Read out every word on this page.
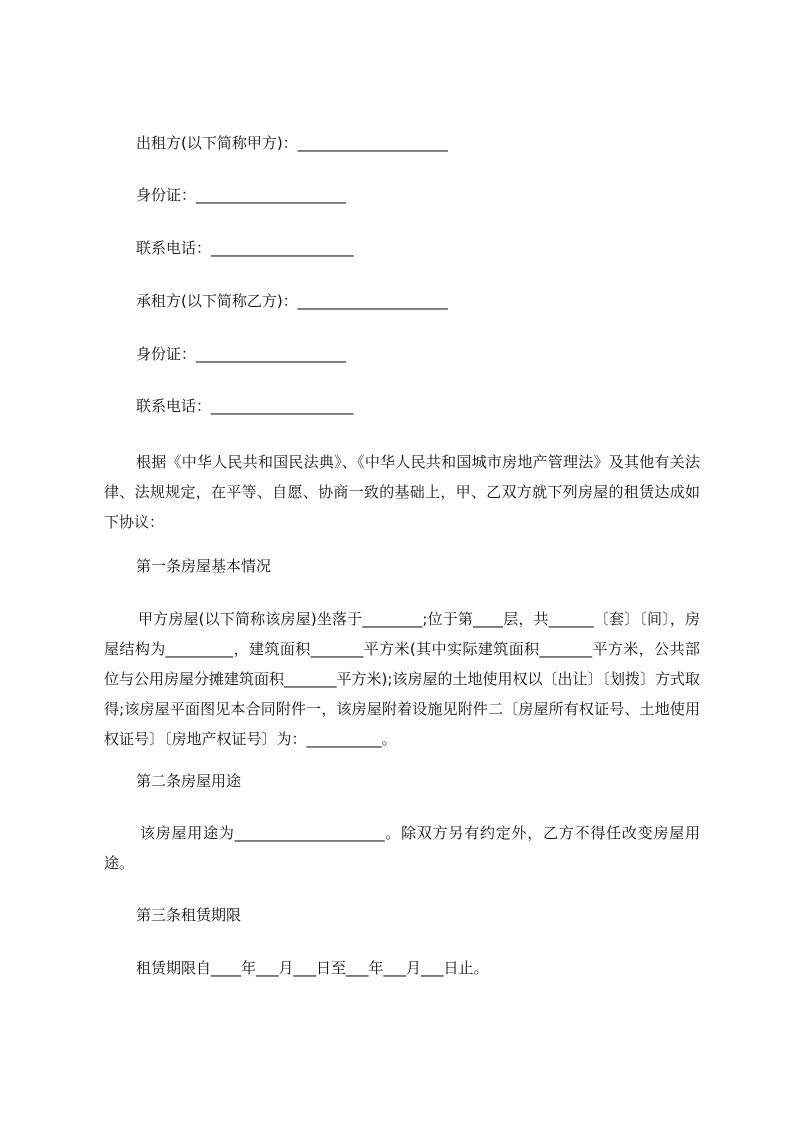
出租方(以下简称甲方)：____________________
身份证：____________________
联系电话：___________________
承租方(以下简称乙方)：____________________
身份证：____________________
联系电话：___________________
根据《中华人民共和国民法典》、《中华人民共和国城市房地产管理法》及其他有关法律、法规规定，在平等、自愿、协商一致的基础上，甲、乙双方就下列房屋的租赁达成如下协议：
第一条房屋基本情况
甲方房屋(以下简称该房屋)坐落于________;位于第____层，共______〔套〕〔间〕，房屋结构为_________，建筑面积_______平方米(其中实际建筑面积_______平方米，公共部位与公用房屋分摊建筑面积_______平方米);该房屋的土地使用权以〔出让〕〔划拨〕方式取得;该房屋平面图见本合同附件一，该房屋附着设施见附件二〔房屋所有权证号、土地使用权证号〕〔房地产权证号〕为：__________。
第二条房屋用途
该房屋用途为____________________。除双方另有约定外，乙方不得任改变房屋用途。
第三条租赁期限
租赁期限自____年___月___日至___年___月___日止。
